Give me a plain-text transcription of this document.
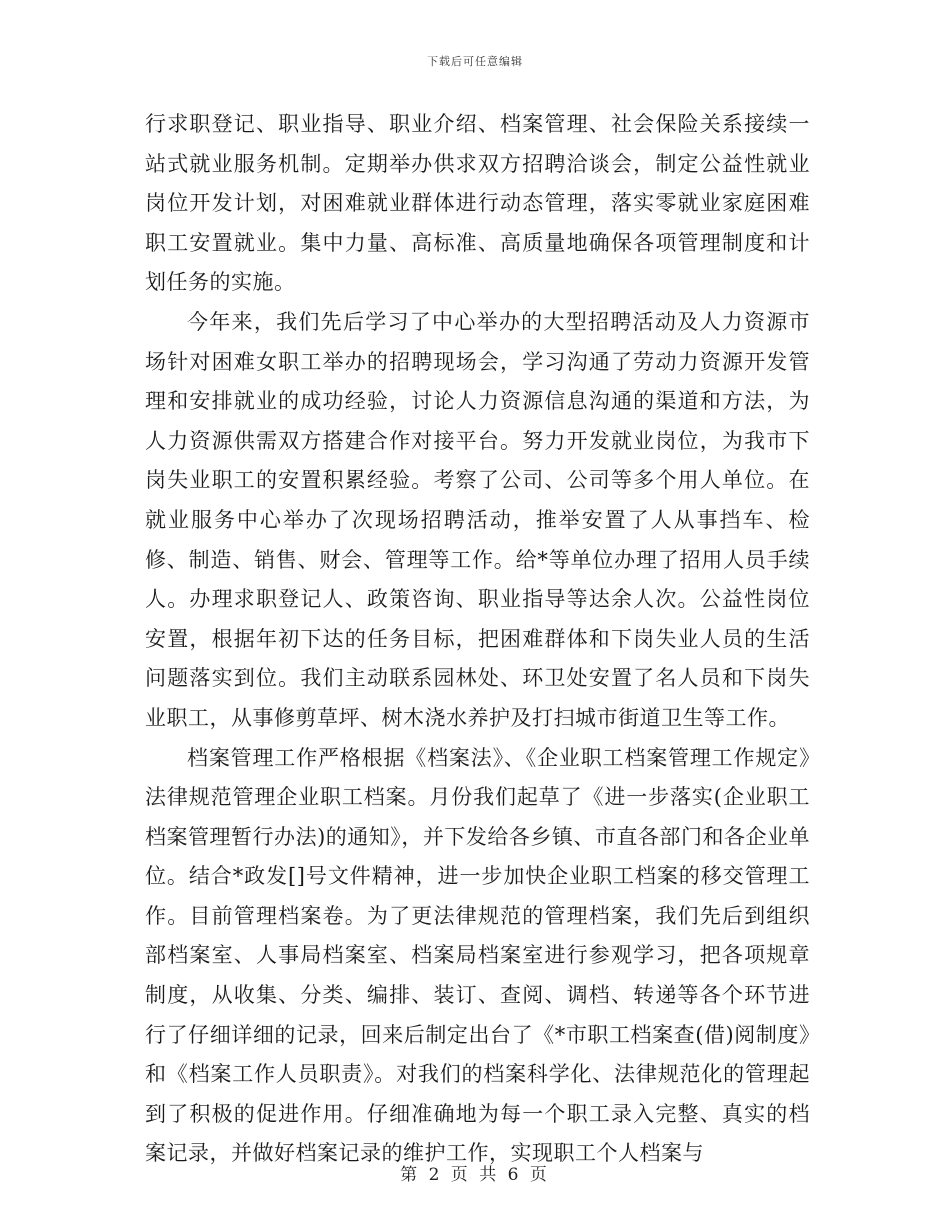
下载后可任意编辑

行求职登记、职业指导、职业介绍、档案管理、社会保险关系接续一站式就业服务机制。定期举办供求双方招聘洽谈会，制定公益性就业岗位开发计划，对困难就业群体进行动态管理，落实零就业家庭困难职工安置就业。集中力量、高标准、高质量地确保各项管理制度和计划任务的实施。

今年来，我们先后学习了中心举办的大型招聘活动及人力资源市场针对困难女职工举办的招聘现场会，学习沟通了劳动力资源开发管理和安排就业的成功经验，讨论人力资源信息沟通的渠道和方法，为人力资源供需双方搭建合作对接平台。努力开发就业岗位，为我市下岗失业职工的安置积累经验。考察了公司、公司等多个用人单位。在就业服务中心举办了次现场招聘活动，推举安置了人从事挡车、检修、制造、销售、财会、管理等工作。给*等单位办理了招用人员手续人。办理求职登记人、政策咨询、职业指导等达余人次。公益性岗位安置，根据年初下达的任务目标，把困难群体和下岗失业人员的生活问题落实到位。我们主动联系园林处、环卫处安置了名人员和下岗失业职工，从事修剪草坪、树木浇水养护及打扫城市街道卫生等工作。

档案管理工作严格根据《档案法》、《企业职工档案管理工作规定》法律规范管理企业职工档案。月份我们起草了《进一步落实(企业职工档案管理暂行办法)的通知》，并下发给各乡镇、市直各部门和各企业单位。结合*政发[]号文件精神，进一步加快企业职工档案的移交管理工作。目前管理档案卷。为了更法律规范的管理档案，我们先后到组织部档案室、人事局档案室、档案局档案室进行参观学习，把各项规章制度，从收集、分类、编排、装订、查阅、调档、转递等各个环节进行了仔细详细的记录，回来后制定出台了《*市职工档案查(借)阅制度》和《档案工作人员职责》。对我们的档案科学化、法律规范化的管理起到了积极的促进作用。仔细准确地为每一个职工录入完整、真实的档案记录，并做好档案记录的维护工作，实现职工个人档案与

第 2 页 共 6 页
